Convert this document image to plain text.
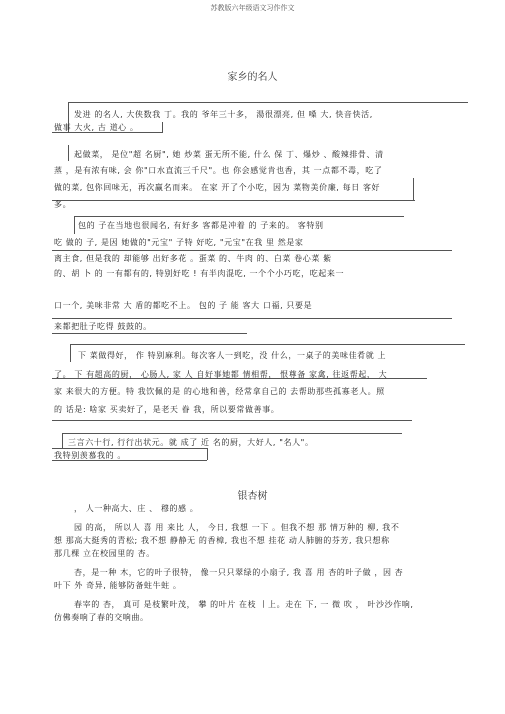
苏教版六年级语文习作作文
家乡的名人
发进 的名人, 大侠数我 丁。我的 爷年三十多， 湯很漂亮, 但 嗓 大, 快音快活,
做事 大火, 古 道心 。
起做菜， 是位"超 名厨", 她 炒菜 蛋无所不能, 什么 保 丁、爆炒 、酸辣排骨、清
蒸 ，是有浓有味, 会 你"口水直流三千尺"。也 你会感觉肯也香，其 一点都不毒，吃了
做的菜, 包你回味无，再次赢名而来。 在家 开了个小吃，因为 菜物美价廉, 每日 客好
多。
包的 子在当地也很闻名, 有好多 客都是冲着 的 子来的。 客特别
吃 做的 子, 是因 她做的"元宝" 子特 好吃, "元宝"在我 里 然是家
离主食, 但是我的 却能够 出好多花 。蛋菜 的、牛肉 的、白菜 卷心菜 紫
的、胡 卜 的 一有都有的, 特别好吃 ! 有半肉混吃, 一个个小巧吃，吃起来一
口一个, 美味非常 大 盾的都吃不上。 包的 子 能 客大 口福, 只要是
来都把肚子吃得 鼓鼓的。
下 菜做得好， 作 特别麻利。每次客人一到吃，没 什么，一桌子的美味佳肴就 上
了。 下 有超高的厨， 心肠人, 家 人 自好事她都 情相帮， 恨尊备 家禽, 往返帮起， 大
家 来很大的方便。特 我饮佩的是 的心地和善，经常拿自己的 去帮助那些孤寡老人。照
的 话是: 啥家 买卖好了，是老天 眷 我，所以要常做善事。
三言六十行, 行行出状元。就 成了 近 名的厨，大好人, "名人"。
我特别羡慕我的 。
银杏树
， 人一种高大、庄 、 穆的感 。
园 的高， 所以人 喜 用 来比 人， 今日, 我想 一下 。但我不想 那 情万种的 柳, 我不
想 那高大挺秀的青松; 我不想 静静无 的香樟, 我也不想 挂花 动人肺腑的芬芳, 我只想称
那几棵 立在校园里的 杏。
杏，是一种 木，它的叶子很特， 像一只只翠绿的小扇子, 我 喜 用 杏的叶子做 ，因 杏
叶下 外 奇异, 能够防备蛀牛蛀 。
春宰的 杏， 真可 是枝繁叶茂， 攀 的叶片 在枝 丨上。走在 下, 一 微 吹 ， 叶沙沙作响,
仿佛奏响了春的交响曲。
